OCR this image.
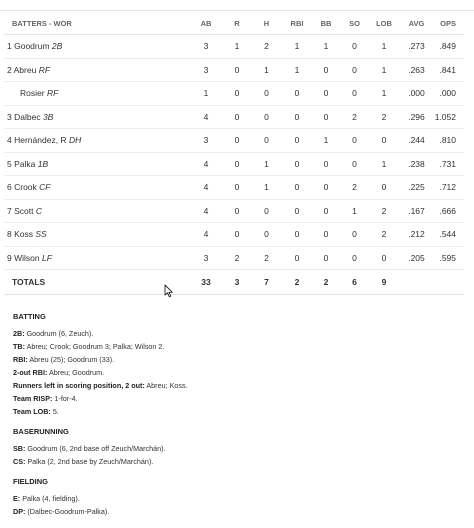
BATTERS - WOR	AB	R	H	RBI	BB	SO	LOB	AVG	OPS
1 Goodrum 2B	3	1	2	1	1	0	1	.273	.849
2 Abreu RF	3	0	1	1	0	0	1	.263	.841
Rosier RF	1	0	0	0	0	0	1	.000	.000
3 Dalbec 3B	4	0	0	0	0	2	2	.296	1.052
4 Hernández, R DH	3	0	0	0	1	0	0	.244	.810
5 Palka 1B	4	0	1	0	0	0	1	.238	.731
6 Crook CF	4	0	1	0	0	2	0	.225	.712
7 Scott C	4	0	0	0	0	1	2	.167	.666
8 Koss SS	4	0	0	0	0	0	2	.212	.544
9 Wilson LF	3	2	2	0	0	0	0	.205	.595
TOTALS	33	3	7	2	2	6	9		
BATTING
2B: Goodrum (6, Zeuch).
TB: Abreu; Crook; Goodrum 3; Palka; Wilson 2.
RBI: Abreu (25); Goodrum (33).
2-out RBI: Abreu; Goodrum.
Runners left in scoring position, 2 out: Abreu; Koss.
Team RISP: 1-for-4.
Team LOB: 5.
BASERUNNING
SB: Goodrum (6, 2nd base off Zeuch/Marchán).
CS: Palka (2, 2nd base by Zeuch/Marchán).
FIELDING
E: Palka (4, fielding).
DP: (Dalbec-Goodrum-Palka).
